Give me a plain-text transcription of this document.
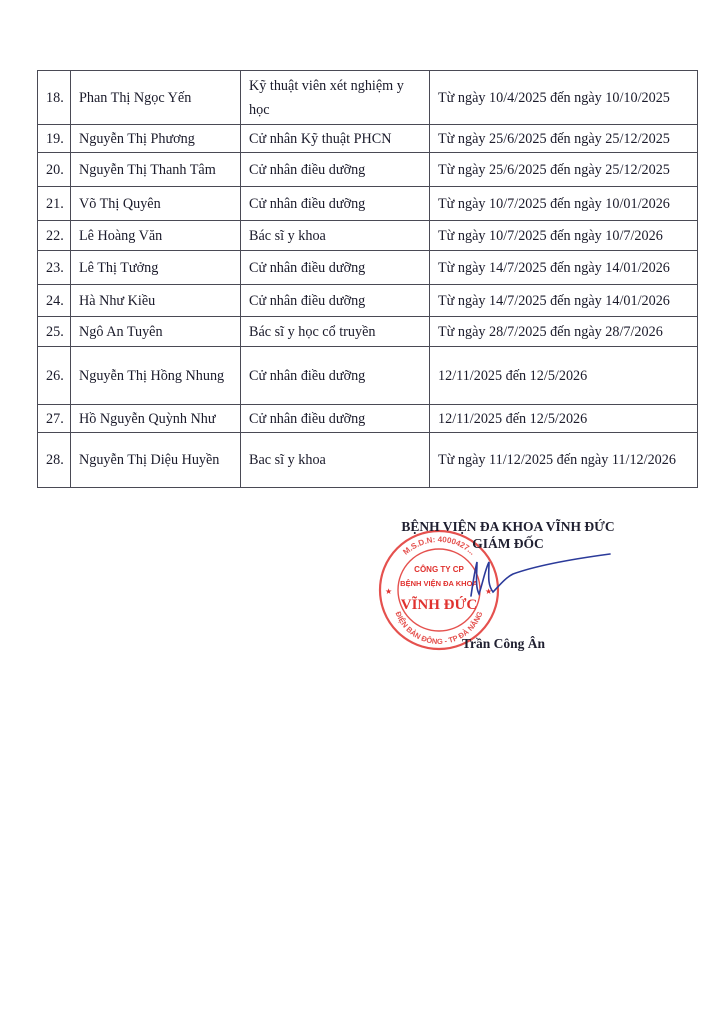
18.	Phan Thị Ngọc Yến	Kỹ thuật viên xét nghiệm y học	Từ ngày 10/4/2025 đến ngày 10/10/2025
19.	Nguyễn Thị Phương	Cử nhân Kỹ thuật PHCN	Từ ngày 25/6/2025 đến ngày 25/12/2025
20.	Nguyễn Thị Thanh Tâm	Cử nhân điều dưỡng	Từ ngày 25/6/2025 đến ngày 25/12/2025
21.	Võ Thị Quyên	Cử nhân điều dưỡng	Từ ngày 10/7/2025 đến ngày 10/01/2026
22.	Lê Hoàng Văn	Bác sĩ y khoa	Từ ngày 10/7/2025 đến ngày 10/7/2026
23.	Lê Thị Tưởng	Cử nhân điều dưỡng	Từ ngày 14/7/2025 đến ngày 14/01/2026
24.	Hà Như Kiều	Cử nhân điều dưỡng	Từ ngày 14/7/2025 đến ngày 14/01/2026
25.	Ngô An Tuyên	Bác sĩ y học cổ truyền	Từ ngày 28/7/2025 đến ngày 28/7/2026
26.	Nguyễn Thị Hồng Nhung	Cử nhân điều dưỡng	12/11/2025 đến 12/5/2026
27.	Hồ Nguyễn Quỳnh Như	Cử nhân điều dưỡng	12/11/2025 đến 12/5/2026
28.	Nguyễn Thị Diệu Huyền	Bac sĩ y khoa	Từ ngày 11/12/2025 đến ngày 11/12/2026
M.S.D.N: 4000427...
ĐIỆN BÀN ĐÔNG - TP ĐÀ NẴNG
★	★
CÔNG TY CP
BỆNH VIỆN ĐA KHOA
VĨNH ĐỨC
BỆNH VIỆN ĐA KHOA VĨNH ĐỨC
GIÁM ĐỐC
Trần Công Ân
